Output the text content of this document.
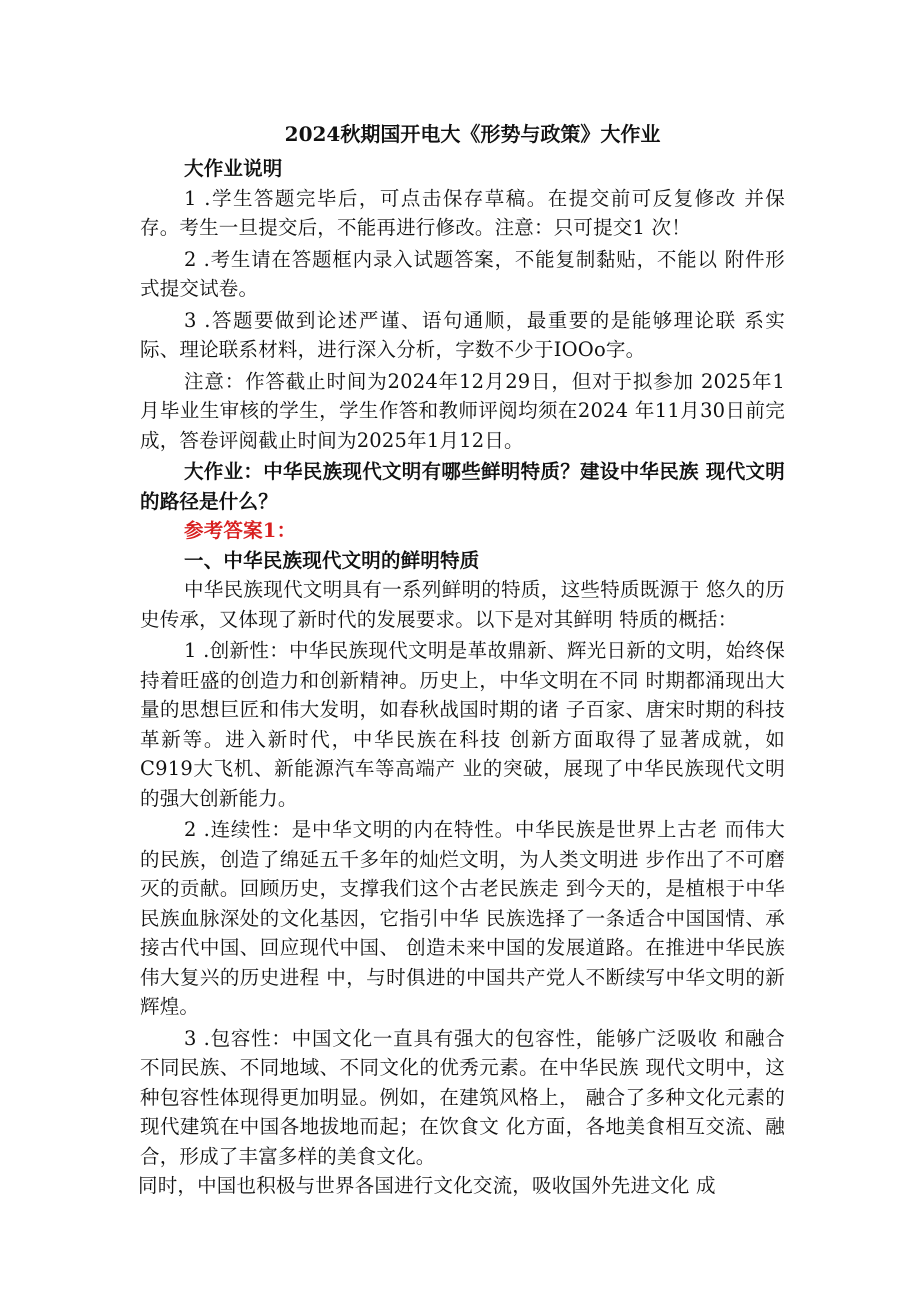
2024秋期国开电大《形势与政策》大作业

大作业说明

1 .学生答题完毕后，可点击保存草稿。在提交前可反复修改 并保存。考生一旦提交后，不能再进行修改。注意：只可提交1 次！

2 .考生请在答题框内录入试题答案，不能复制黏贴，不能以 附件形式提交试卷。

3 .答题要做到论述严谨、语句通顺，最重要的是能够理论联 系实际、理论联系材料，进行深入分析，字数不少于IOOo字。

注意：作答截止时间为2024年12月29日，但对于拟参加 2025年1月毕业生审核的学生，学生作答和教师评阅均须在2024 年11月30日前完成，答卷评阅截止时间为2025年1月12日。

大作业：中华民族现代文明有哪些鲜明特质？建设中华民族 现代文明的路径是什么？

参考答案1：

一、中华民族现代文明的鲜明特质

中华民族现代文明具有一系列鲜明的特质，这些特质既源于 悠久的历史传承，又体现了新时代的发展要求。以下是对其鲜明 特质的概括：

1 .创新性：中华民族现代文明是革故鼎新、辉光日新的文明，始终保持着旺盛的创造力和创新精神。历史上，中华文明在不同 时期都涌现出大量的思想巨匠和伟大发明，如春秋战国时期的诸 子百家、唐宋时期的科技革新等。进入新时代，中华民族在科技 创新方面取得了显著成就，如C919大飞机、新能源汽车等高端产 业的突破，展现了中华民族现代文明的强大创新能力。

2 .连续性：是中华文明的内在特性。中华民族是世界上古老 而伟大的民族，创造了绵延五千多年的灿烂文明，为人类文明进 步作出了不可磨灭的贡献。回顾历史，支撑我们这个古老民族走 到今天的，是植根于中华民族血脉深处的文化基因，它指引中华 民族选择了一条适合中国国情、承接古代中国、回应现代中国、 创造未来中国的发展道路。在推进中华民族伟大复兴的历史进程 中，与时俱进的中国共产党人不断续写中华文明的新辉煌。

3 .包容性：中国文化一直具有强大的包容性，能够广泛吸收 和融合不同民族、不同地域、不同文化的优秀元素。在中华民族 现代文明中，这种包容性体现得更加明显。例如，在建筑风格上， 融合了多种文化元素的现代建筑在中国各地拔地而起；在饮食文 化方面，各地美食相互交流、融合，形成了丰富多样的美食文化。

同时，中国也积极与世界各国进行文化交流，吸收国外先进文化 成
